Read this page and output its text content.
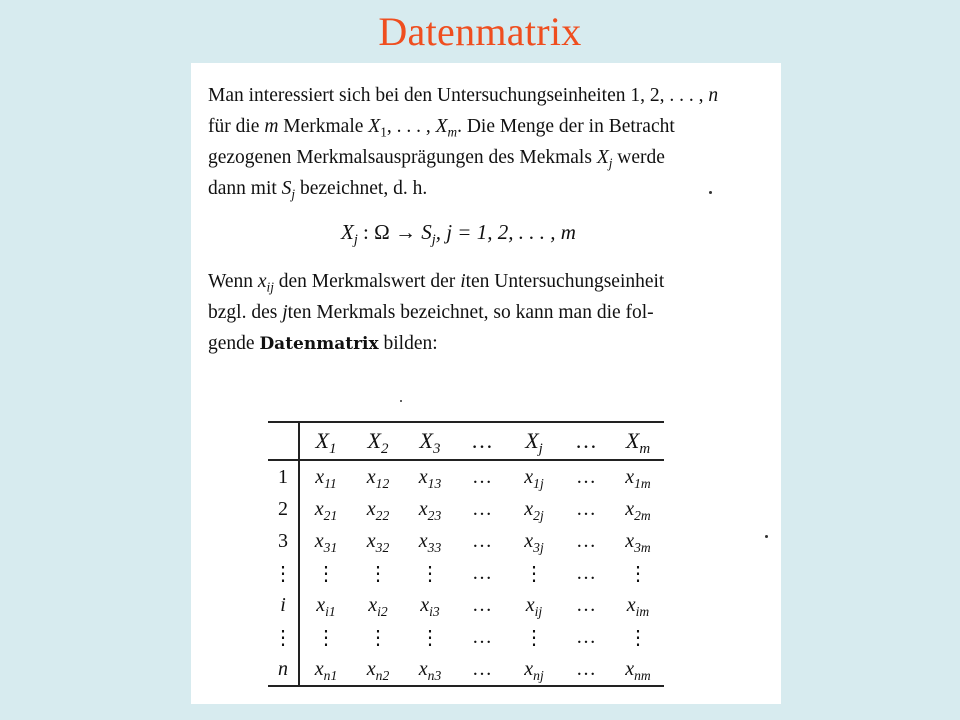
Datenmatrix
Man interessiert sich bei den Untersuchungseinheiten 1, 2, . . . , n
für die m Merkmale $X_1$, . . . , $X_m$. Die Menge der in Betracht
gezogenen Merkmalsausprägungen des Mekmals $X_j$ werde
dann mit $S_j$ bezeichnet, d. h.
$X_j$ : $\Omega \to S_j$, j = 1, 2, . . . , m
Wenn $x_{ij}$ den Merkmalswert der iten Untersuchungseinheit
bzgl. des jten Merkmals bezeichnet, so kann man die fol-
gende Datenmatrix bilden:
	$X_1$	$X_2$	$X_3$	…	$X_j$	…	$X_m$
1	$x_{11}$	$x_{12}$	$x_{13}$	…	$x_{1j}$	…	$x_{1m}$
2	$x_{21}$	$x_{22}$	$x_{23}$	…	$x_{2j}$	…	$x_{2m}$
3	$x_{31}$	$x_{32}$	$x_{33}$	…	$x_{3j}$	…	$x_{3m}$
⋮	⋮	⋮	⋮	…	⋮	…	⋮
i	$x_{i1}$	$x_{i2}$	$x_{i3}$	…	$x_{ij}$	…	$x_{im}$
⋮	⋮	⋮	⋮	…	⋮	…	⋮
n	$x_{n1}$	$x_{n2}$	$x_{n3}$	…	$x_{nj}$	…	$x_{nm}$
